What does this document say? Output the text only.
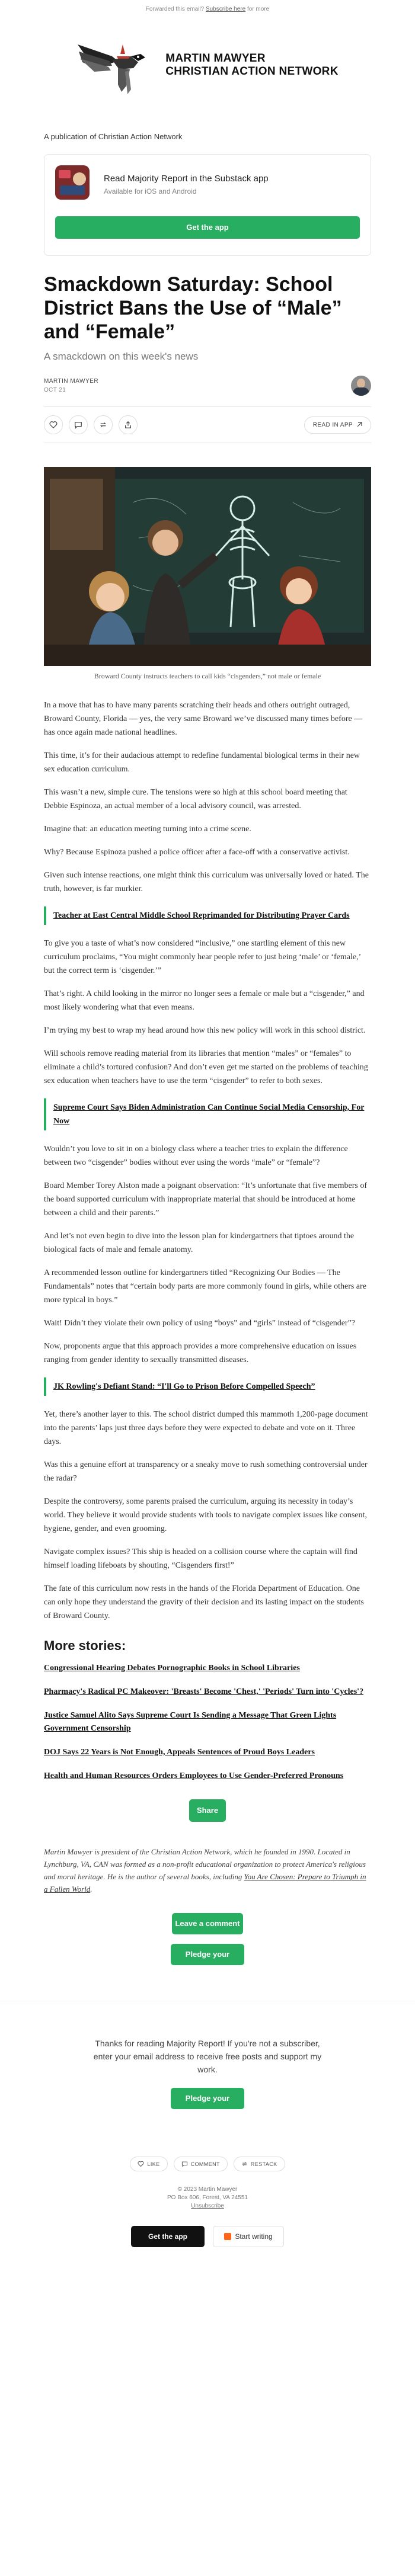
Forwarded this email? Subscribe here for more
MARTIN MAWYER
CHRISTIAN ACTION NETWORK
A publication of Christian Action Network
Read Majority Report in the Substack app
Available for iOS and Android
Get the app
Smackdown Saturday: School District Bans the Use of “Male” and “Female”
A smackdown on this week's news
MARTIN MAWYER
OCT 21
READ IN APP
Broward County instructs teachers to call kids “cisgenders,” not male or female

In a move that has to have many parents scratching their heads and others outright outraged, Broward County, Florida — yes, the very same Broward we’ve discussed many times before — has once again made national headlines.

This time, it’s for their audacious attempt to redefine fundamental biological terms in their new sex education curriculum.

This wasn’t a new, simple cure. The tensions were so high at this school board meeting that Debbie Espinoza, an actual member of a local advisory council, was arrested.

Imagine that: an education meeting turning into a crime scene.

Why? Because Espinoza pushed a police officer after a face-off with a conservative activist.

Given such intense reactions, one might think this curriculum was universally loved or hated. The truth, however, is far murkier.

Teacher at East Central Middle School Reprimanded for Distributing Prayer Cards

To give you a taste of what’s now considered “inclusive,” one startling element of this new curriculum proclaims, “You might commonly hear people refer to just being ‘male’ or ‘female,’ but the correct term is ‘cisgender.’”

That’s right. A child looking in the mirror no longer sees a female or male but a “cisgender,” and most likely wondering what that even means.

I’m trying my best to wrap my head around how this new policy will work in this school district.

Will schools remove reading material from its libraries that mention “males” or “females” to eliminate a child’s tortured confusion? And don’t even get me started on the problems of teaching sex education when teachers have to use the term “cisgender” to refer to both sexes.

Supreme Court Says Biden Administration Can Continue Social Media Censorship, For Now

Wouldn’t you love to sit in on a biology class where a teacher tries to explain the difference between two “cisgender” bodies without ever using the words “male” or “female”?

Board Member Torey Alston made a poignant observation: “It’s unfortunate that five members of the board supported curriculum with inappropriate material that should be introduced at home between a child and their parents.”

And let’s not even begin to dive into the lesson plan for kindergartners that tiptoes around the biological facts of male and female anatomy.

A recommended lesson outline for kindergartners titled “Recognizing Our Bodies — The Fundamentals” notes that “certain body parts are more commonly found in girls, while others are more typical in boys.”

Wait! Didn’t they violate their own policy of using “boys” and “girls” instead of “cisgender”?

Now, proponents argue that this approach provides a more comprehensive education on issues ranging from gender identity to sexually transmitted diseases.

JK Rowling's Defiant Stand: “I'll Go to Prison Before Compelled Speech”

Yet, there’s another layer to this. The school district dumped this mammoth 1,200-page document into the parents’ laps just three days before they were expected to debate and vote on it. Three days.

Was this a genuine effort at transparency or a sneaky move to rush something controversial under the radar?

Despite the controversy, some parents praised the curriculum, arguing its necessity in today’s world. They believe it would provide students with tools to navigate complex issues like consent, hygiene, gender, and even grooming.

Navigate complex issues? This ship is headed on a collision course where the captain will find himself loading lifeboats by shouting, “Cisgenders first!”

The fate of this curriculum now rests in the hands of the Florida Department of Education. One can only hope they understand the gravity of their decision and its lasting impact on the students of Broward County.

More stories:
Congressional Hearing Debates Pornographic Books in School Libraries
Pharmacy's Radical PC Makeover: 'Breasts' Become 'Chest,' 'Periods' Turn into 'Cycles'?
Justice Samuel Alito Says Supreme Court Is Sending a Message That Green Lights Government Censorship
DOJ Says 22 Years is Not Enough, Appeals Sentences of Proud Boys Leaders
Health and Human Resources Orders Employees to Use Gender-Preferred Pronouns
Share
Martin Mawyer is president of the Christian Action Network, which he founded in 1990. Located in Lynchburg, VA, CAN was formed as a non-profit educational organization to protect America's religious and moral heritage. He is the author of several books, including You Are Chosen: Prepare to Triumph in a Fallen World.
Leave a comment
Pledge your support
Thanks for reading Majority Report! If you're not a subscriber, enter your email address to receive free posts and support my work.
Pledge your support
LIKE	COMMENT	RESTACK
© 2023 Martin Mawyer
PO Box 606, Forest, VA 24551
Unsubscribe
Get the app	Start writing
